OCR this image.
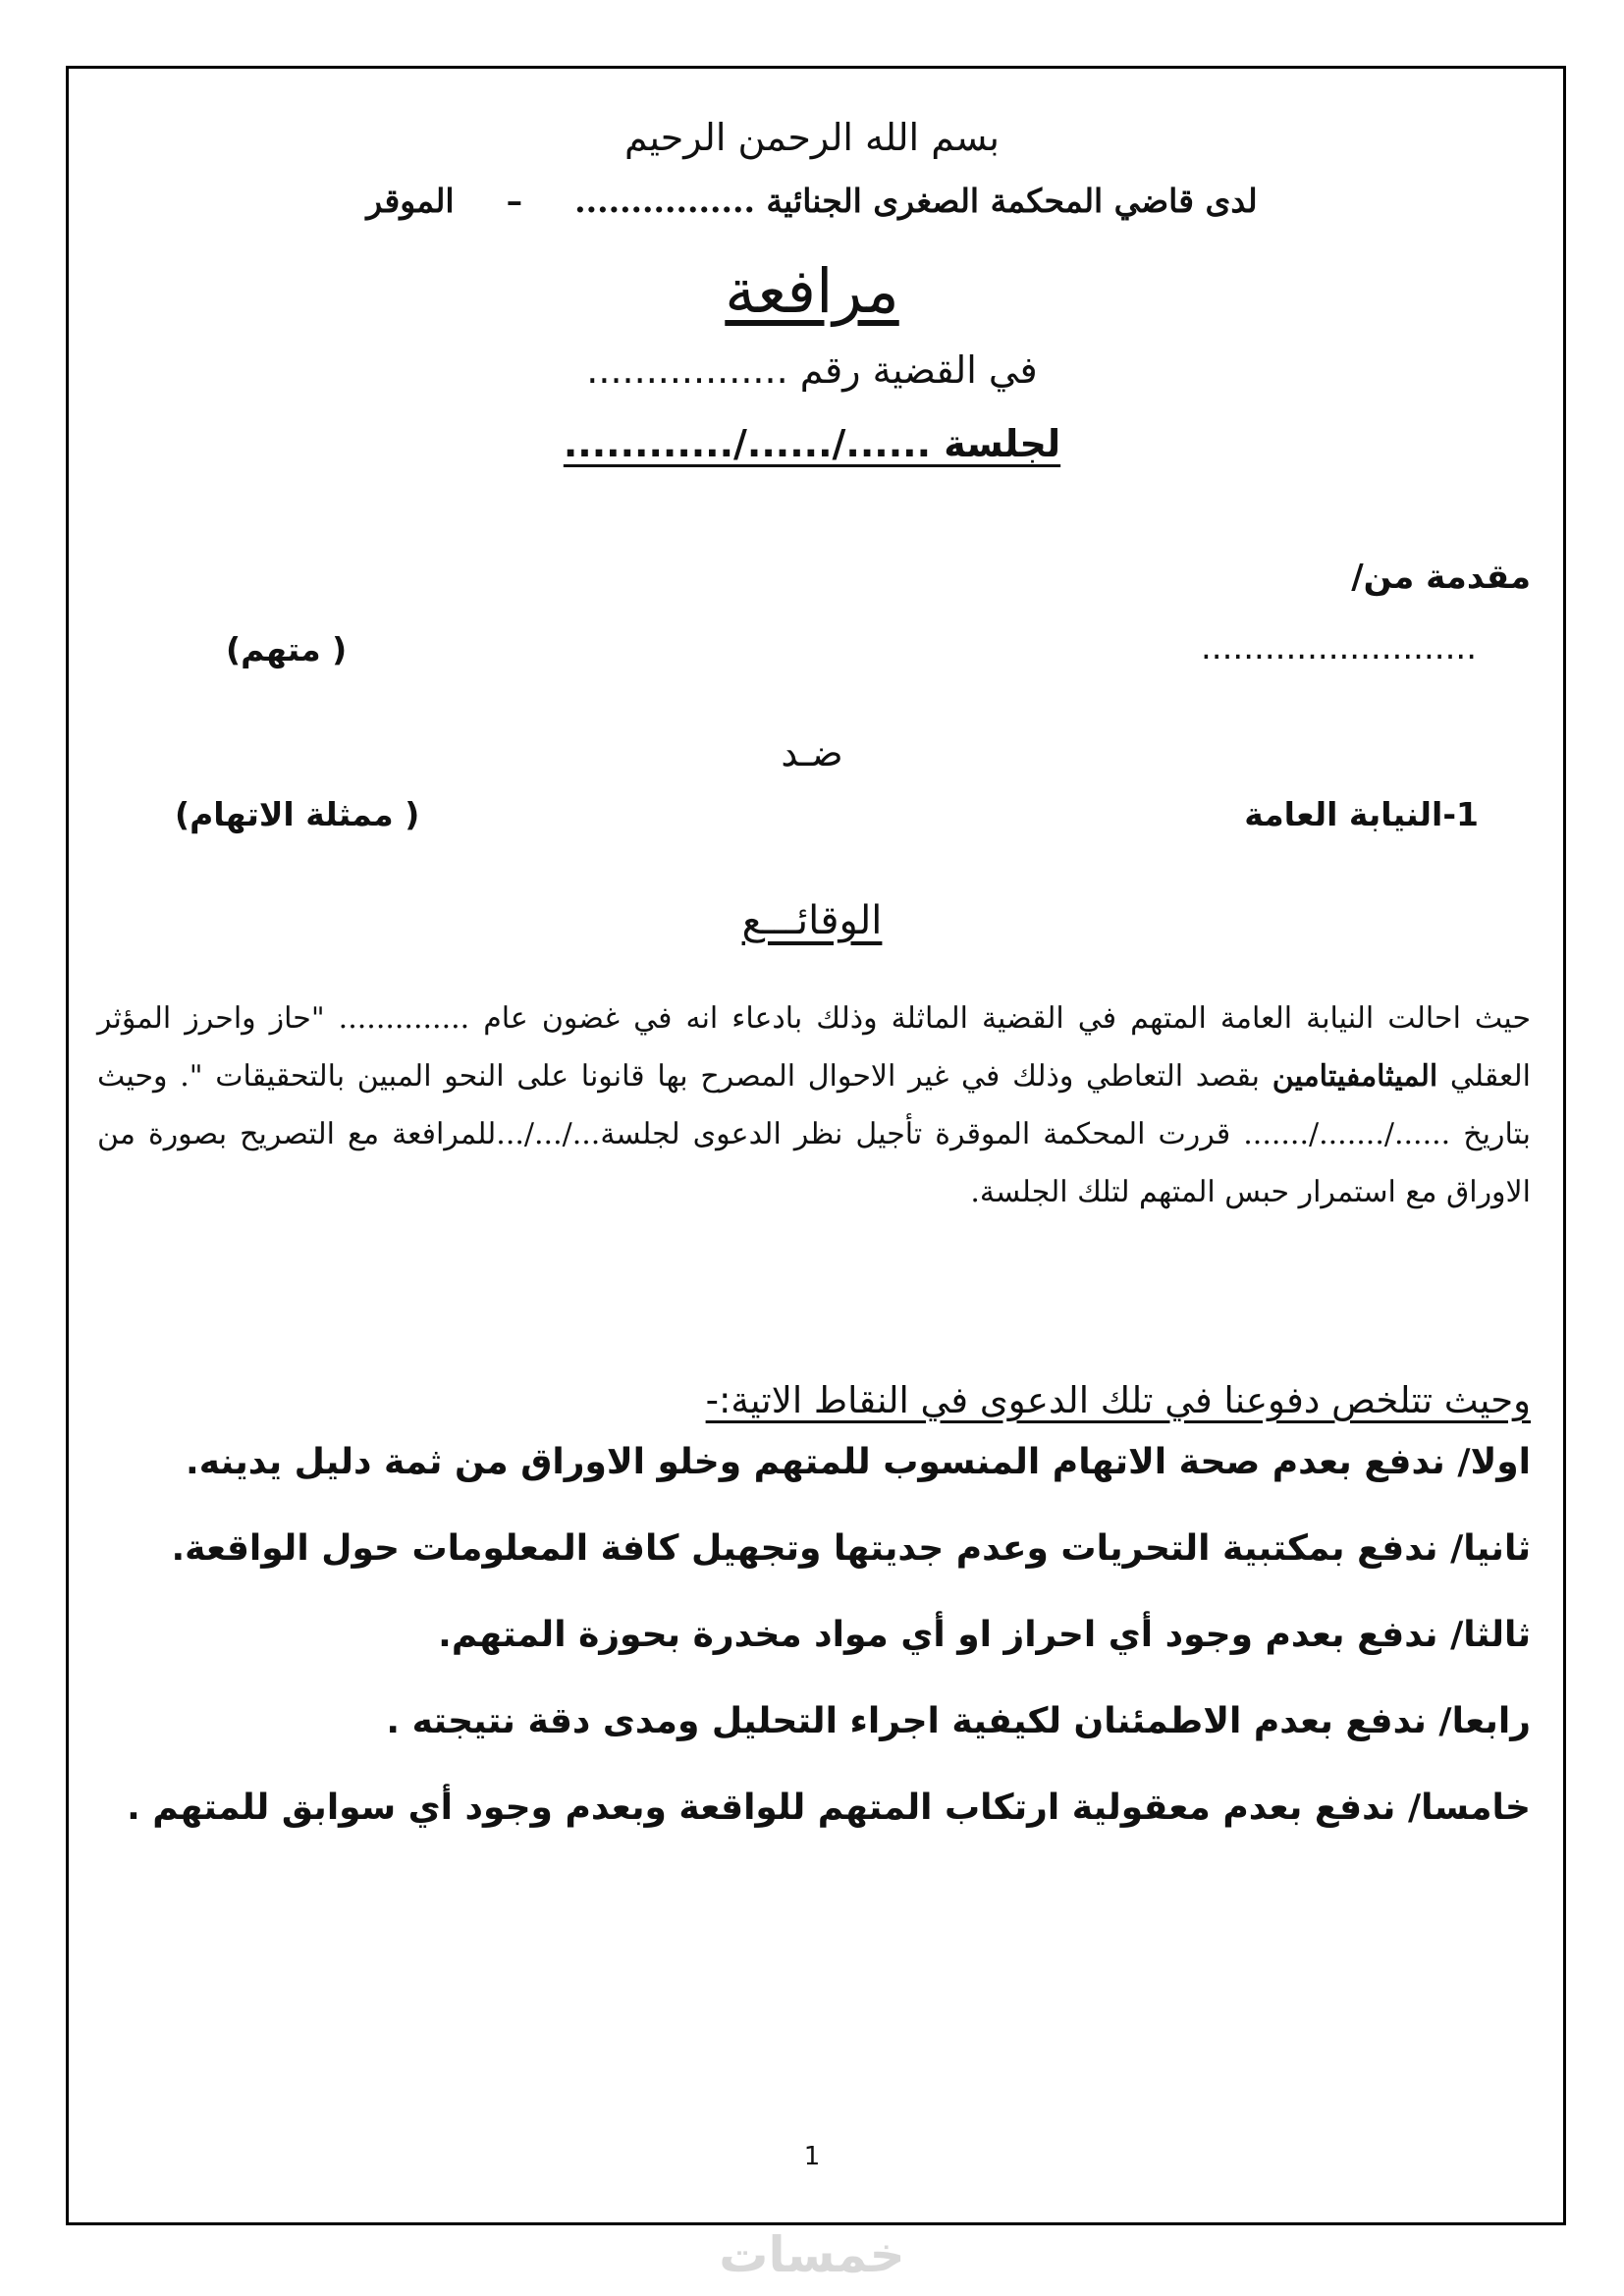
بسم الله الرحمن الرحيم
لدى قاضي المحكمة الصغرى الجنائية ................  –  الموقر
مرافعة
في القضية رقم .................
لجلسة ....../....../............
مقدمة من/
..........................
( متهم)
ضـد
1-النيابة العامة
( ممثلة الاتهام)
الوقائـــع
حيث احالت النيابة العامة المتهم في القضية الماثلة وذلك بادعاء انه في غضون عام .............. "حاز واحرز المؤثر العقلي الميثامفيتامين بقصد التعاطي وذلك في غير الاحوال المصرح بها قانونا على النحو المبين بالتحقيقات ". وحيث بتاريخ ....../......./....... قررت المحكمة الموقرة تأجيل نظر الدعوى لجلسة.../.../...للمرافعة مع التصريح بصورة من الاوراق مع استمرار حبس المتهم لتلك الجلسة.
وحيث تتلخص دفوعنا في تلك الدعوى في النقاط الاتية:-
اولا/ ندفع بعدم صحة الاتهام المنسوب للمتهم وخلو الاوراق من ثمة دليل يدينه.
ثانيا/ ندفع بمكتبية التحريات وعدم جديتها وتجهيل كافة المعلومات حول الواقعة.
ثالثا/ ندفع بعدم وجود أي احراز او أي مواد مخدرة بحوزة المتهم.
رابعا/ ندفع بعدم الاطمئنان لكيفية اجراء التحليل ومدى دقة نتيجته .
خامسا/ ندفع بعدم معقولية ارتكاب المتهم للواقعة وبعدم وجود أي سوابق للمتهم .
1
خمسات
